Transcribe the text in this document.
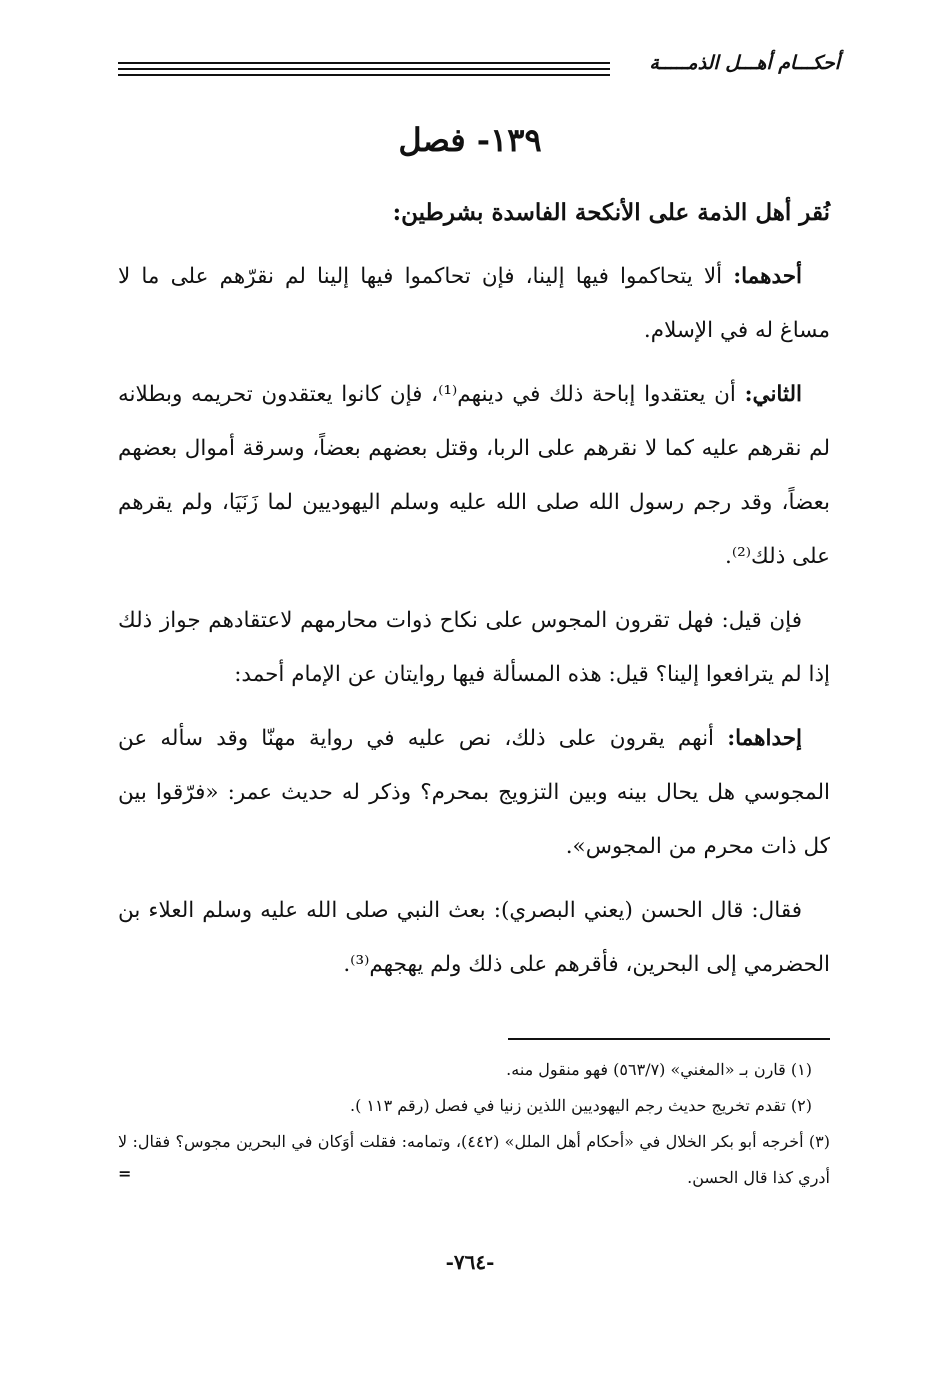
أحكـــام أهـــل الذمـــــة
١٣٩- فصل

نُقر أهل الذمة على الأنكحة الفاسدة بشرطين:

أحدهما: ألا يتحاكموا فيها إلينا، فإن تحاكموا فيها إلينا لم نقرّهم على ما لا مساغ له في الإسلام.

الثاني: أن يعتقدوا إباحة ذلك في دينهم⁽¹⁾، فإن كانوا يعتقدون تحريمه وبطلانه لم نقرهم عليه كما لا نقرهم على الربا، وقتل بعضهم بعضاً، وسرقة أموال بعضهم بعضاً، وقد رجم رسول الله صلى الله عليه وسلم اليهوديين لما زَنَيَا، ولم يقرهم على ذلك⁽²⁾.

فإن قيل: فهل تقرون المجوس على نكاح ذوات محارمهم لاعتقادهم جواز ذلك إذا لم يترافعوا إلينا؟ قيل: هذه المسألة فيها روايتان عن الإمام أحمد:

إحداهما: أنهم يقرون على ذلك، نص عليه في رواية مهنّا وقد سأله عن المجوسي هل يحال بينه وبين التزويج بمحرم؟ وذكر له حديث عمر: «فرّقوا بين كل ذات محرم من المجوس».

فقال: قال الحسن (يعني البصري): بعث النبي صلى الله عليه وسلم العلاء بن الحضرمي إلى البحرين، فأقرهم على ذلك ولم يهجهم⁽³⁾.

(١) قارن بـ «المغني» (٥٦٣/٧) فهو منقول منه.

(٢) تقدم تخريج حديث رجم اليهوديين اللذين زنيا في فصل (رقم ١١٣ ).

(٣) أخرجه أبو بكر الخلال في «أحكام أهل الملل» (٤٤٢)، وتمامه: فقلت أوَكان في البحرين مجوس؟ فقال: لا أدري كذا قال الحسن.
=

-٧٦٤-
